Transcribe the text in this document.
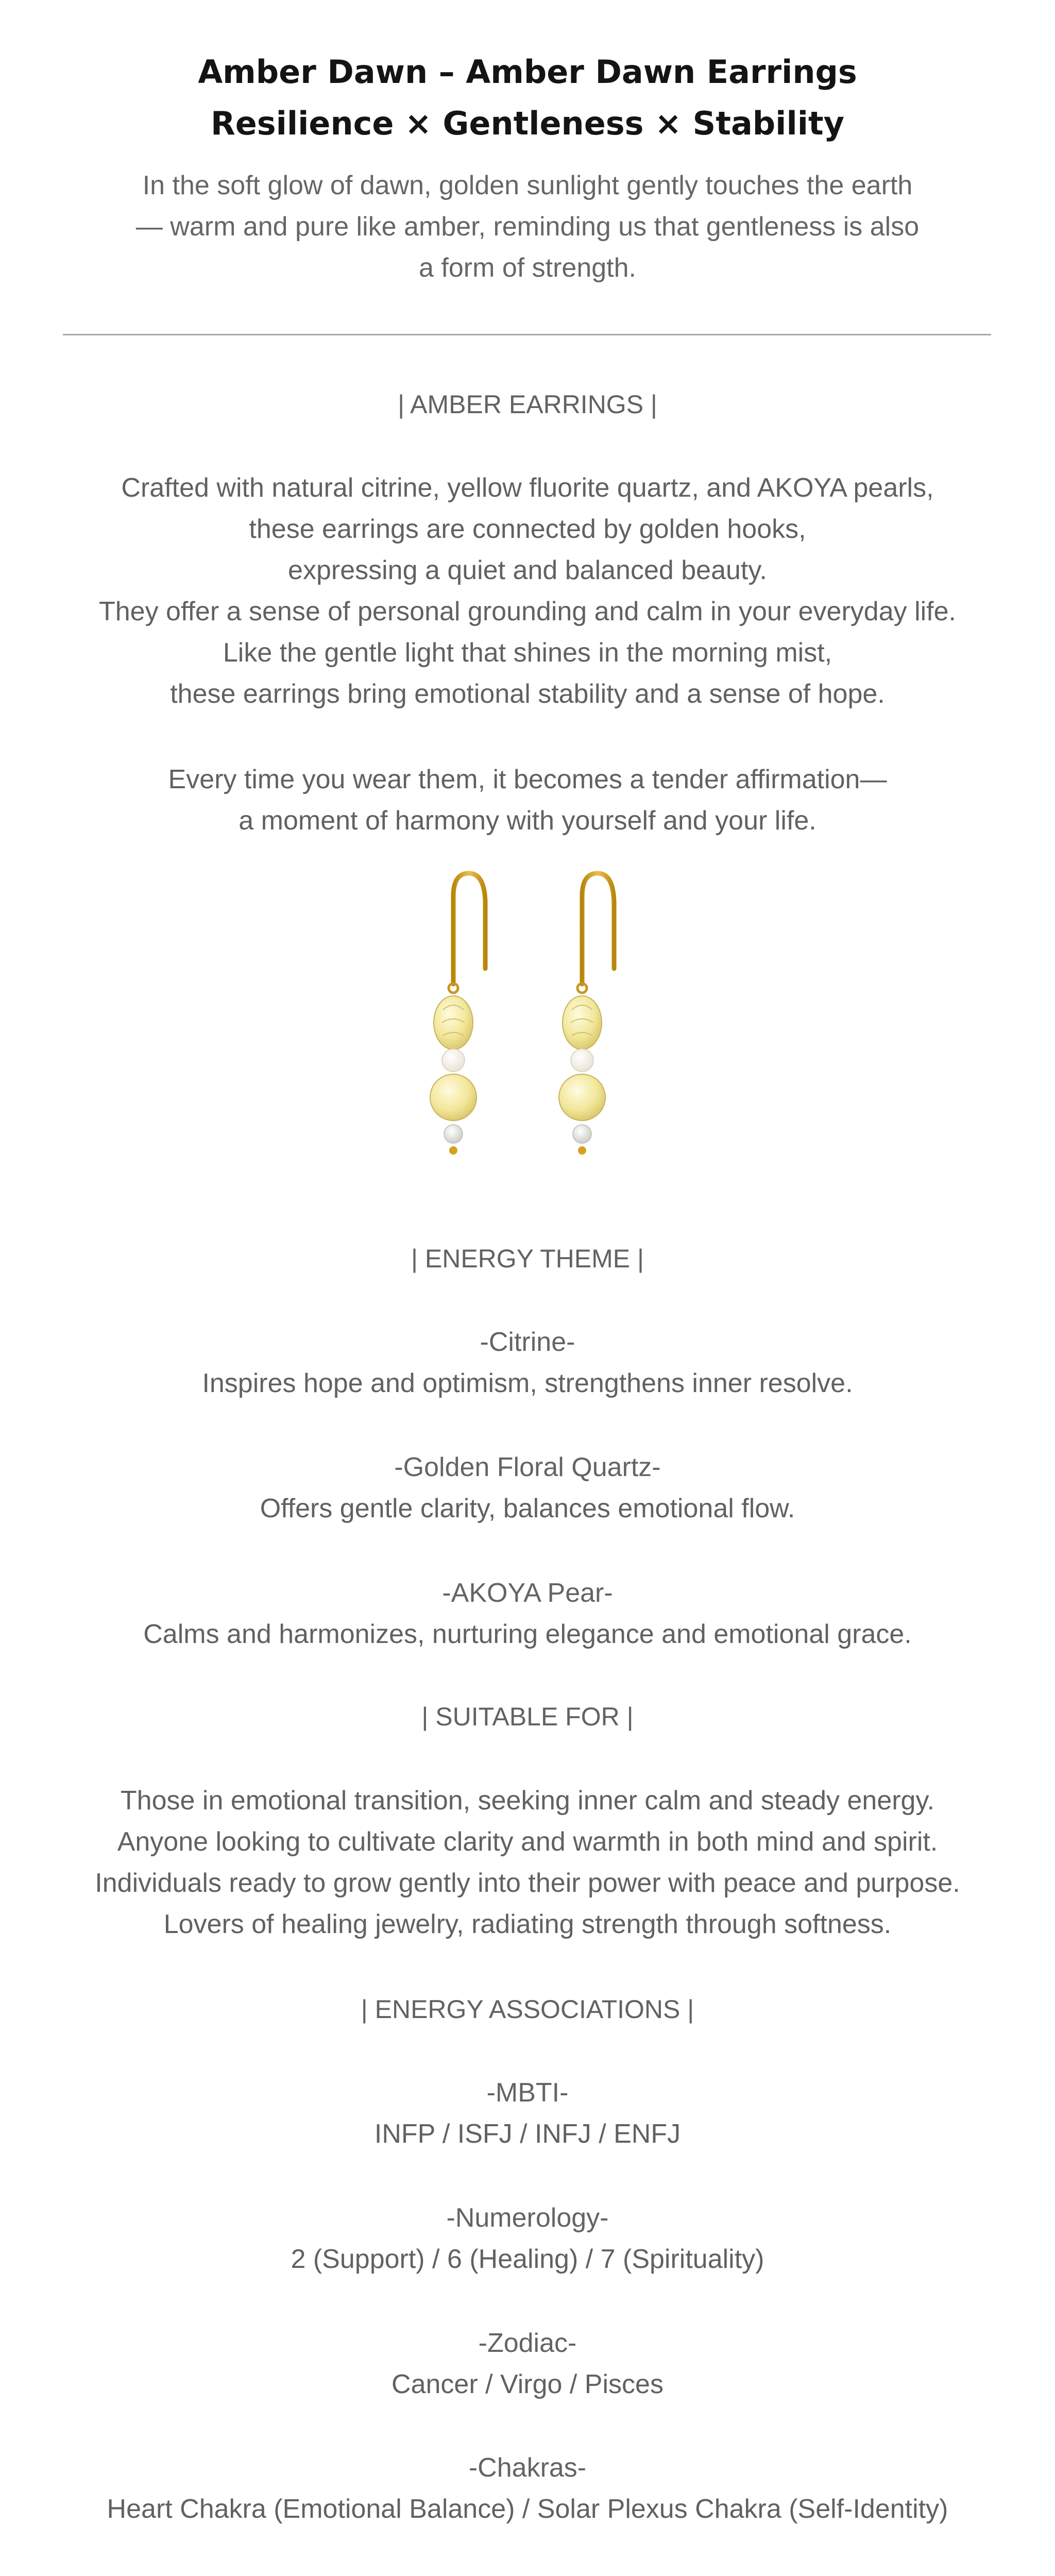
Amber Dawn – Amber Dawn Earrings
Resilience × Gentleness × Stability
In the soft glow of dawn, golden sunlight gently touches the earth
— warm and pure like amber, reminding us that gentleness is also
a form of strength.
| AMBER EARRINGS |
Crafted with natural citrine, yellow fluorite quartz, and AKOYA pearls,
these earrings are connected by golden hooks,
expressing a quiet and balanced beauty.
They offer a sense of personal grounding and calm in your everyday life.
Like the gentle light that shines in the morning mist,
these earrings bring emotional stability and a sense of hope.
Every time you wear them, it becomes a tender affirmation—
a moment of harmony with yourself and your life.
| ENERGY THEME |
-Citrine-
Inspires hope and optimism, strengthens inner resolve.
-Golden Floral Quartz-
Offers gentle clarity, balances emotional flow.
-AKOYA Pear-
Calms and harmonizes, nurturing elegance and emotional grace.
| SUITABLE FOR |
Those in emotional transition, seeking inner calm and steady energy.
Anyone looking to cultivate clarity and warmth in both mind and spirit.
Individuals ready to grow gently into their power with peace and purpose.
Lovers of healing jewelry, radiating strength through softness.
| ENERGY ASSOCIATIONS |
-MBTI-
INFP / ISFJ / INFJ / ENFJ
-Numerology-
2 (Support) / 6 (Healing) / 7 (Spirituality)
-Zodiac-
Cancer / Virgo / Pisces
-Chakras-
Heart Chakra (Emotional Balance) / Solar Plexus Chakra (Self-Identity)
